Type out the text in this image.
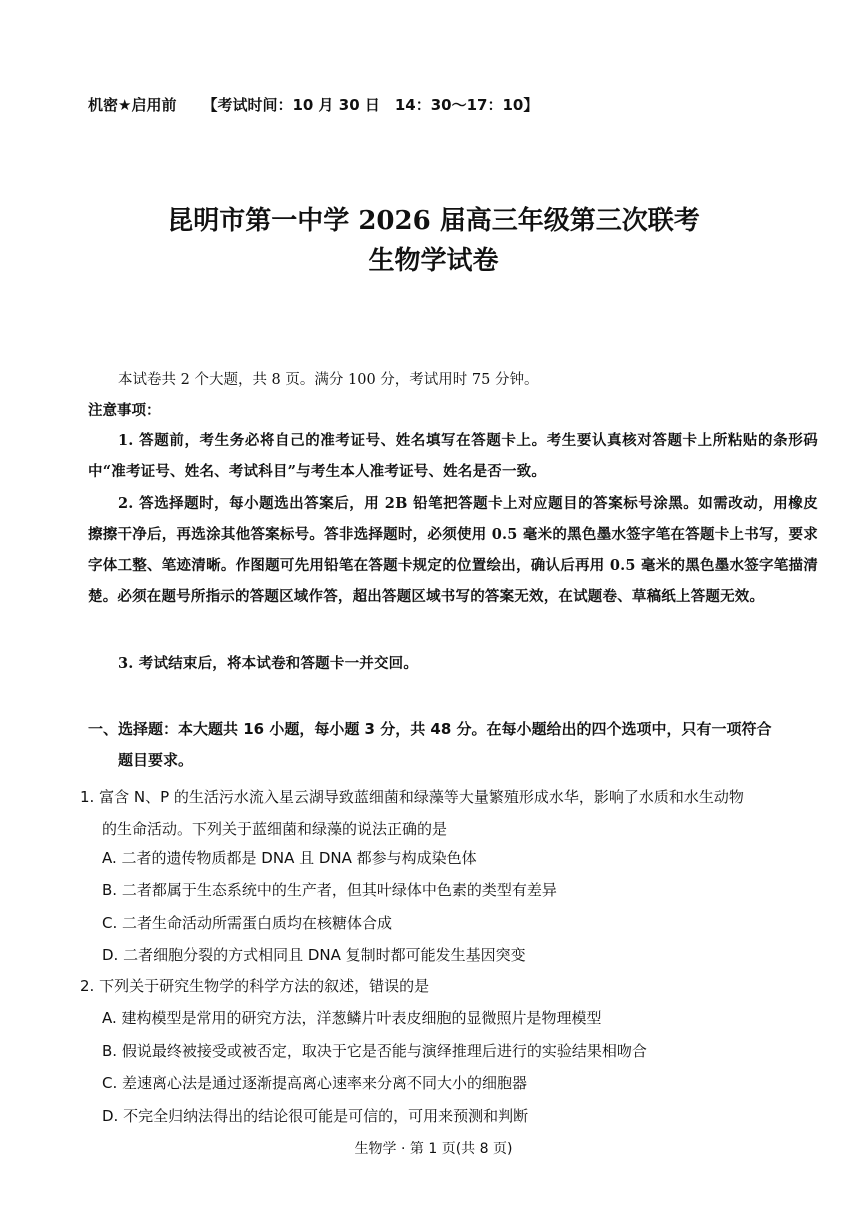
机密★启用前 【考试时间：10 月 30 日　14：30～17：10】
昆明市第一中学 2026 届高三年级第三次联考
生物学试卷
本试卷共 2 个大题，共 8 页。满分 100 分，考试用时 75 分钟。
注意事项：
1. 答题前，考生务必将自己的准考证号、姓名填写在答题卡上。考生要认真核对答题卡上所粘贴的条形码中“准考证号、姓名、考试科目”与考生本人准考证号、姓名是否一致。
2. 答选择题时，每小题选出答案后，用 2B 铅笔把答题卡上对应题目的答案标号涂黑。如需改动，用橡皮擦擦干净后，再选涂其他答案标号。答非选择题时，必须使用 0.5 毫米的黑色墨水签字笔在答题卡上书写，要求字体工整、笔迹清晰。作图题可先用铅笔在答题卡规定的位置绘出，确认后再用 0.5 毫米的黑色墨水签字笔描清楚。必须在题号所指示的答题区域作答，超出答题区域书写的答案无效，在试题卷、草稿纸上答题无效。
3. 考试结束后，将本试卷和答题卡一并交回。
一、选择题：本大题共 16 小题，每小题 3 分，共 48 分。在每小题给出的四个选项中，只有一项符合
题目要求。
1. 富含 N、P 的生活污水流入星云湖导致蓝细菌和绿藻等大量繁殖形成水华，影响了水质和水生动物
的生命活动。下列关于蓝细菌和绿藻的说法正确的是
A. 二者的遗传物质都是 DNA 且 DNA 都参与构成染色体
B. 二者都属于生态系统中的生产者，但其叶绿体中色素的类型有差异
C. 二者生命活动所需蛋白质均在核糖体合成
D. 二者细胞分裂的方式相同且 DNA 复制时都可能发生基因突变
2. 下列关于研究生物学的科学方法的叙述，错误的是
A. 建构模型是常用的研究方法，洋葱鳞片叶表皮细胞的显微照片是物理模型
B. 假说最终被接受或被否定，取决于它是否能与演绎推理后进行的实验结果相吻合
C. 差速离心法是通过逐渐提高离心速率来分离不同大小的细胞器
D. 不完全归纳法得出的结论很可能是可信的，可用来预测和判断
生物学 · 第 1 页(共 8 页)
